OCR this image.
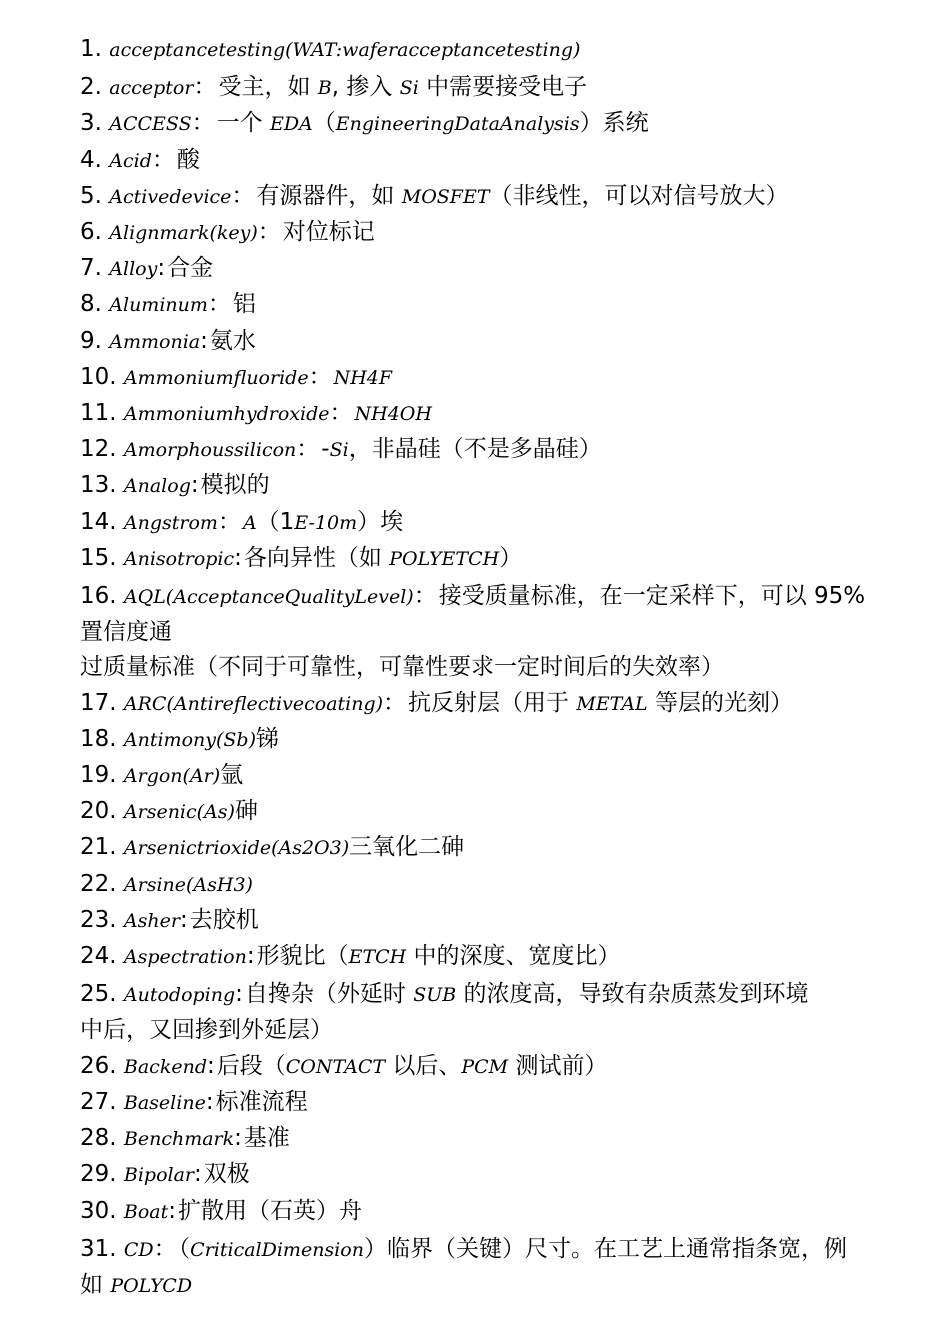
1. acceptancetesting(WAT:waferacceptancetesting)
2. acceptor：受主，如 B, 掺入 Si 中需要接受电子
3. ACCESS：一个 EDA（EngineeringDataAnalysis）系统
4. Acid：酸
5. Activedevice：有源器件，如 MOSFET（非线性，可以对信号放大）
6. Alignmark(key)：对位标记
7. Alloy:合金
8. Aluminum：铝
9. Ammonia:氨水
10. Ammoniumfluoride： NH4F
11. Ammoniumhydroxide： NH4OH
12. Amorphoussilicon：-Si，非晶硅（不是多晶硅）
13. Analog:模拟的
14. Angstrom： A（1E-10m）埃
15. Anisotropic:各向异性（如 POLYETCH）
16. AQL(AcceptanceQualityLevel)：接受质量标准，在一定采样下，可以 95%置信度通
过质量标准（不同于可靠性，可靠性要求一定时间后的失效率）
17. ARC(Antireflectivecoating)：抗反射层（用于 METAL 等层的光刻）
18. Antimony(Sb)锑
19. Argon(Ar)氩
20. Arsenic(As)砷
21. Arsenictrioxide(As2O3)三氧化二砷
22. Arsine(AsH3)
23. Asher:去胶机
24. Aspectration:形貌比（ETCH 中的深度、宽度比）
25. Autodoping:自搀杂（外延时 SUB 的浓度高，导致有杂质蒸发到环境
中后，又回掺到外延层）
26. Backend:后段（CONTACT 以后、PCM 测试前）
27. Baseline:标准流程
28. Benchmark:基准
29. Bipolar:双极
30. Boat:扩散用（石英）舟
31. CD：（CriticalDimension）临界（关键）尺寸。在工艺上通常指条宽，例
如 POLYCD
